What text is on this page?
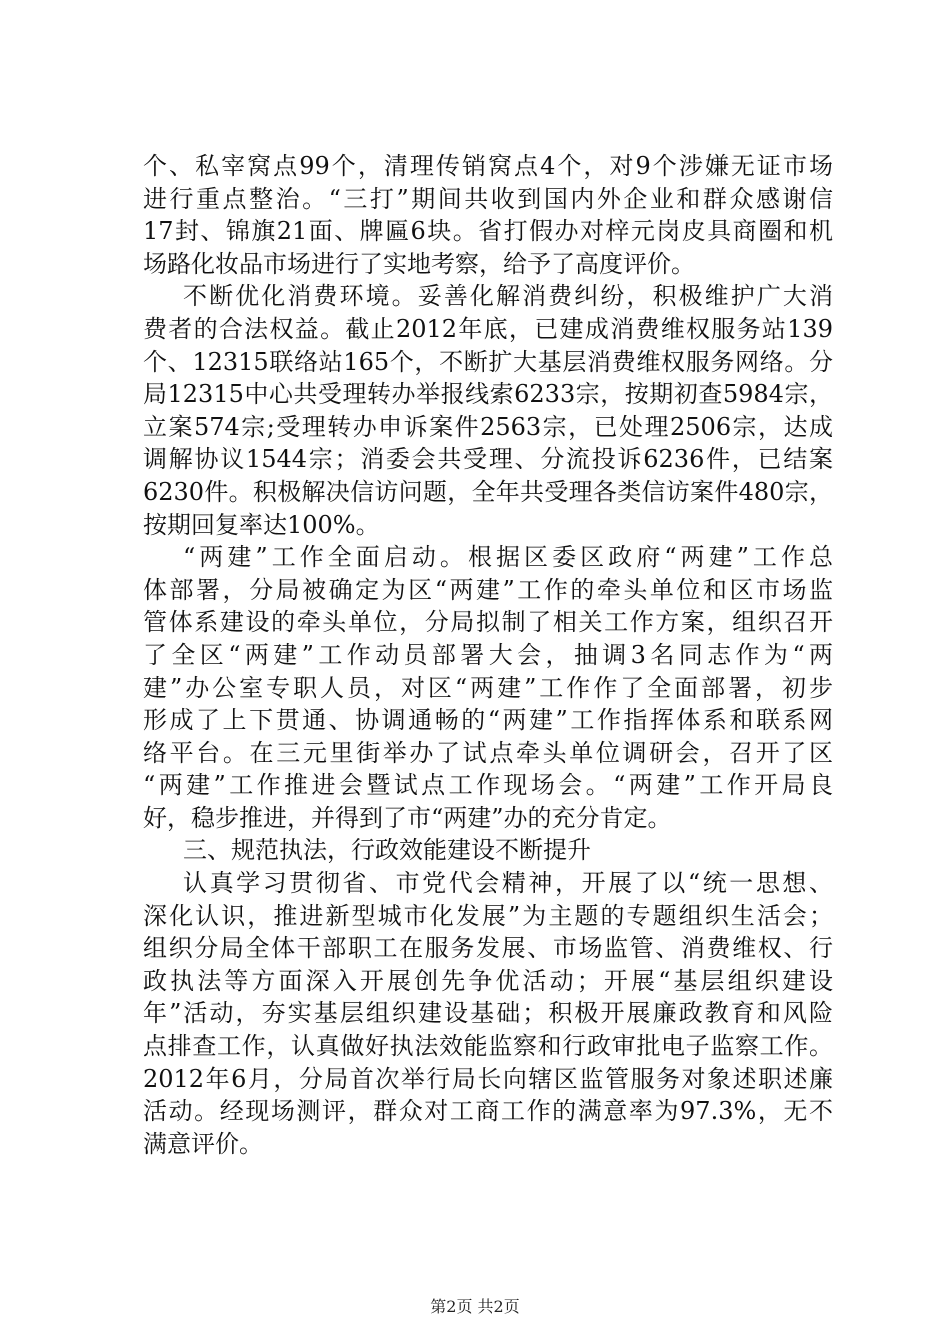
个、私宰窝点99个，清理传销窝点4个，对9个涉嫌无证市场
进行重点整治。“三打”期间共收到国内外企业和群众感谢信
17封、锦旗21面、牌匾6块。省打假办对梓元岗皮具商圈和机
场路化妆品市场进行了实地考察，给予了高度评价。
不断优化消费环境。妥善化解消费纠纷，积极维护广大消
费者的合法权益。截止2012年底，已建成消费维权服务站139
个、12315联络站165个，不断扩大基层消费维权服务网络。分
局12315中心共受理转办举报线索6233宗，按期初查5984宗，
立案574宗;受理转办申诉案件2563宗，已处理2506宗，达成
调解协议1544宗；消委会共受理、分流投诉6236件，已结案
6230件。积极解决信访问题，全年共受理各类信访案件480宗，
按期回复率达100%。
“两建”工作全面启动。根据区委区政府“两建”工作总
体部署，分局被确定为区“两建”工作的牵头单位和区市场监
管体系建设的牵头单位，分局拟制了相关工作方案，组织召开
了全区“两建”工作动员部署大会，抽调3名同志作为“两
建”办公室专职人员，对区“两建”工作作了全面部署，初步
形成了上下贯通、协调通畅的“两建”工作指挥体系和联系网
络平台。在三元里街举办了试点牵头单位调研会，召开了区
“两建”工作推进会暨试点工作现场会。“两建”工作开局良
好，稳步推进，并得到了市“两建”办的充分肯定。
三、规范执法，行政效能建设不断提升
认真学习贯彻省、市党代会精神，开展了以“统一思想、
深化认识，推进新型城市化发展”为主题的专题组织生活会；
组织分局全体干部职工在服务发展、市场监管、消费维权、行
政执法等方面深入开展创先争优活动；开展“基层组织建设
年”活动，夯实基层组织建设基础；积极开展廉政教育和风险
点排查工作，认真做好执法效能监察和行政审批电子监察工作。
2012年6月，分局首次举行局长向辖区监管服务对象述职述廉
活动。经现场测评，群众对工商工作的满意率为97.3%，无不
满意评价。
第2页 共2页
